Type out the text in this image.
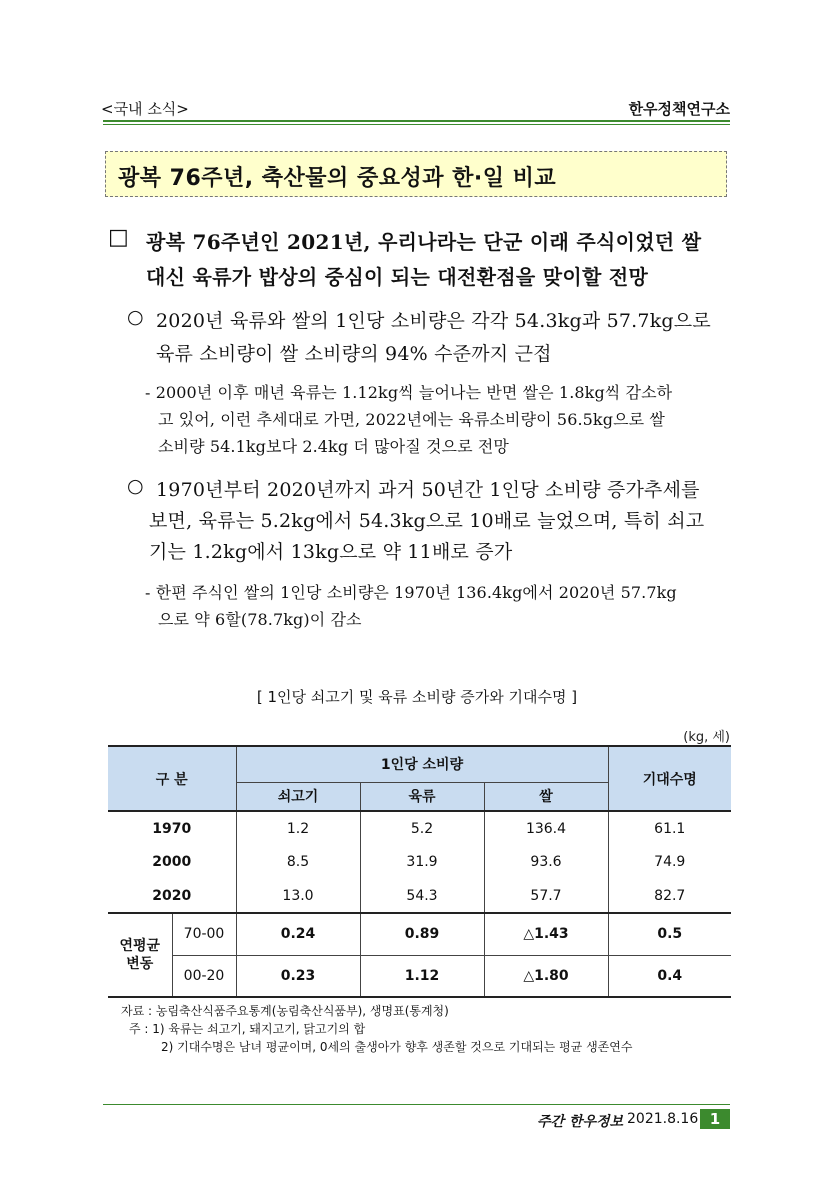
<국내 소식>	한우정책연구소
광복 76주년, 축산물의 중요성과 한·일 비교
□ 광복 76주년인 2021년, 우리나라는 단군 이래 주식이었던 쌀
대신 육류가 밥상의 중심이 되는 대전환점을 맞이할 전망
○ 2020년 육류와 쌀의 1인당 소비량은 각각 54.3kg과 57.7kg으로
육류 소비량이 쌀 소비량의 94% 수준까지 근접
- 2000년 이후 매년 육류는 1.12kg씩 늘어나는 반면 쌀은 1.8kg씩 감소하
고 있어, 이런 추세대로 가면, 2022년에는 육류소비량이 56.5kg으로 쌀
소비량 54.1kg보다 2.4kg 더 많아질 것으로 전망
○ 1970년부터 2020년까지 과거 50년간 1인당 소비량 증가추세를
보면, 육류는 5.2kg에서 54.3kg으로 10배로 늘었으며, 특히 쇠고
기는 1.2kg에서 13kg으로 약 11배로 증가
- 한편 주식인 쌀의 1인당 소비량은 1970년 136.4kg에서 2020년 57.7kg
으로 약 6할(78.7kg)이 감소
[ 1인당 쇠고기 및 육류 소비량 증가와 기대수명 ]
(kg, 세)
구 분		1인당 소비량			기대수명
		쇠고기	육류	쌀	
1970		1.2	5.2	136.4	61.1
2000		8.5	31.9	93.6	74.9
2020		13.0	54.3	57.7	82.7
연평균
변동	70-00	0.24	0.89	△1.43	0.5
	00-20	0.23	1.12	△1.80	0.4
자료 : 농림축산식품주요통계(농림축산식품부), 생명표(통계청)
주 : 1) 육류는 쇠고기, 돼지고기, 닭고기의 합
2) 기대수명은 남녀 평균이며, 0세의 출생아가 향후 생존할 것으로 기대되는 평균 생존연수
주간 한우정보 2021.8.16 1
